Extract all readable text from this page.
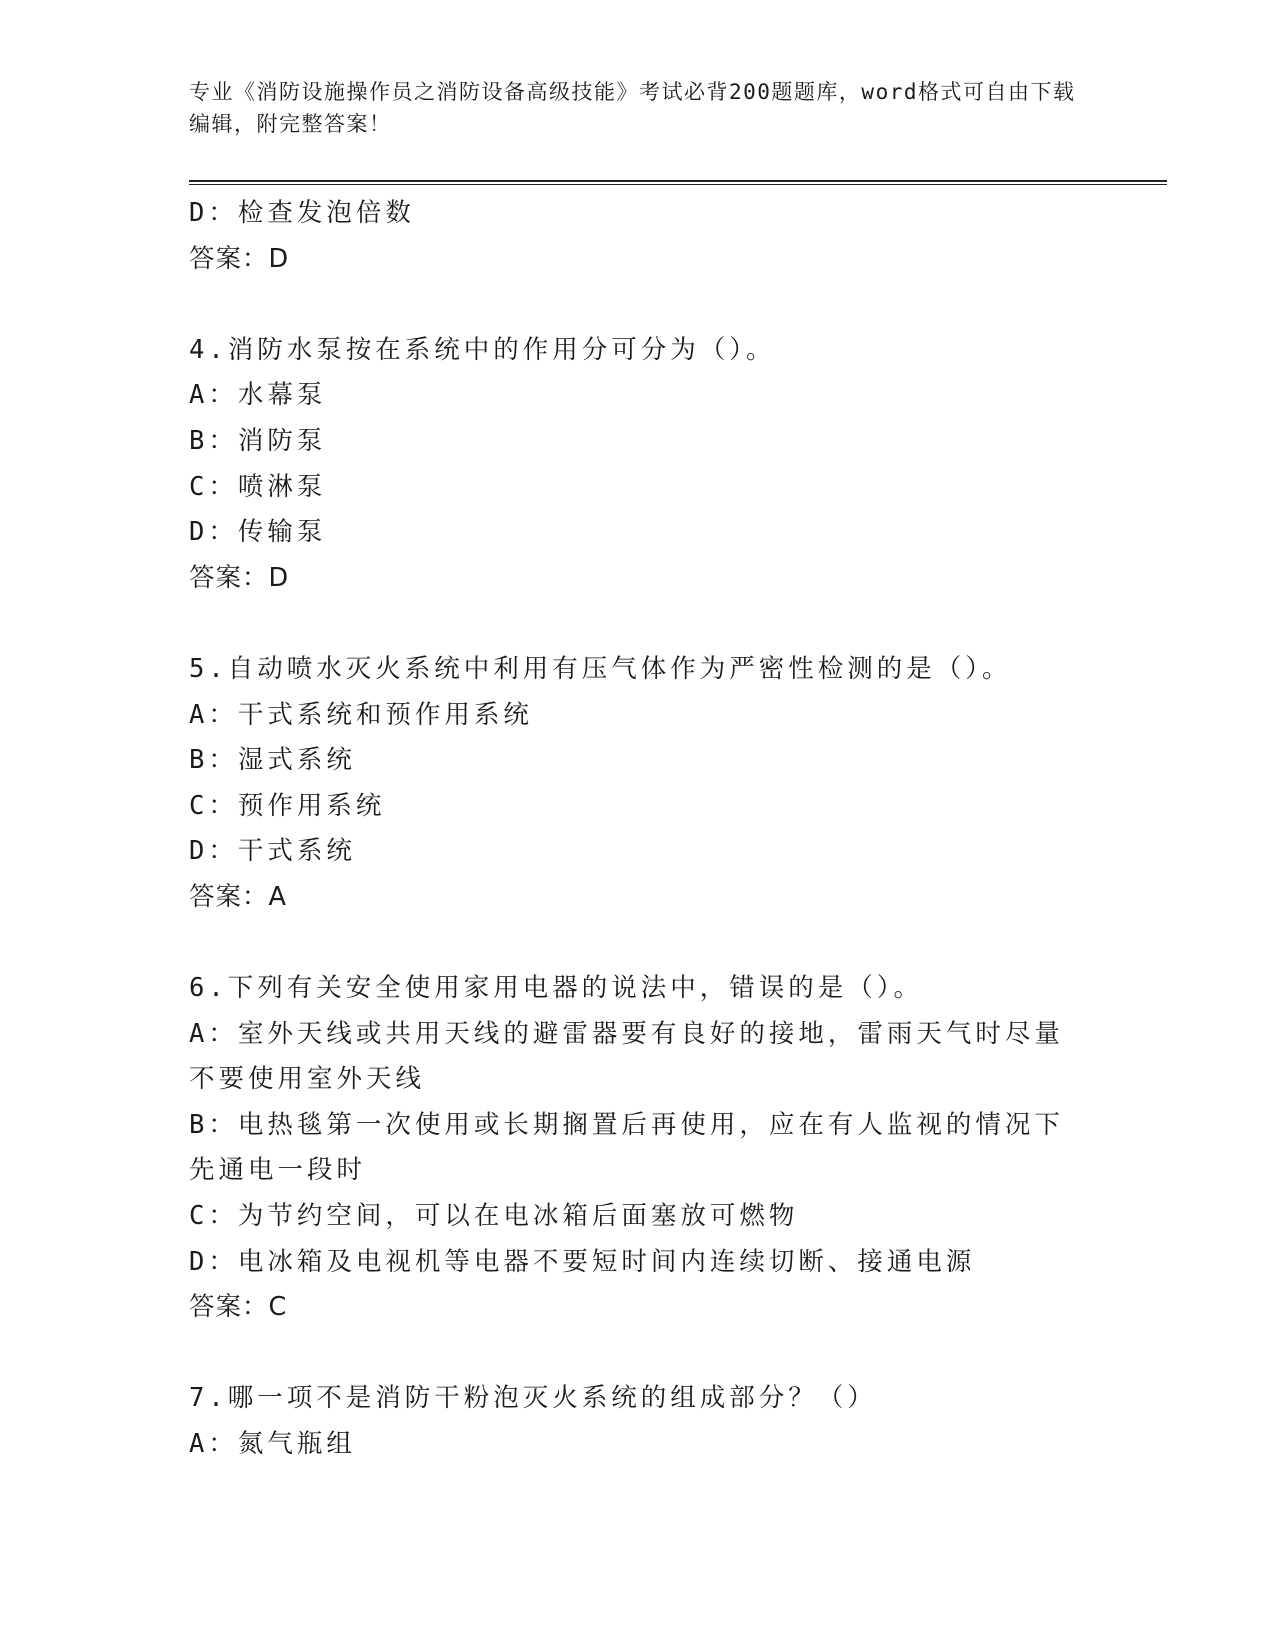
专业《消防设施操作员之消防设备高级技能》考试必背200题题库，word格式可自由下载编辑，附完整答案！
D：检查发泡倍数
答案：D
4.消防水泵按在系统中的作用分可分为（）。
A：水幕泵
B：消防泵
C：喷淋泵
D：传输泵
答案：D
5.自动喷水灭火系统中利用有压气体作为严密性检测的是（）。
A：干式系统和预作用系统
B：湿式系统
C：预作用系统
D：干式系统
答案：A
6.下列有关安全使用家用电器的说法中，错误的是（）。
A：室外天线或共用天线的避雷器要有良好的接地，雷雨天气时尽量不要使用室外天线
B：电热毯第一次使用或长期搁置后再使用，应在有人监视的情况下先通电一段时
C：为节约空间，可以在电冰箱后面塞放可燃物
D：电冰箱及电视机等电器不要短时间内连续切断、接通电源
答案：C
7.哪一项不是消防干粉泡灭火系统的组成部分？（）
A：氮气瓶组
